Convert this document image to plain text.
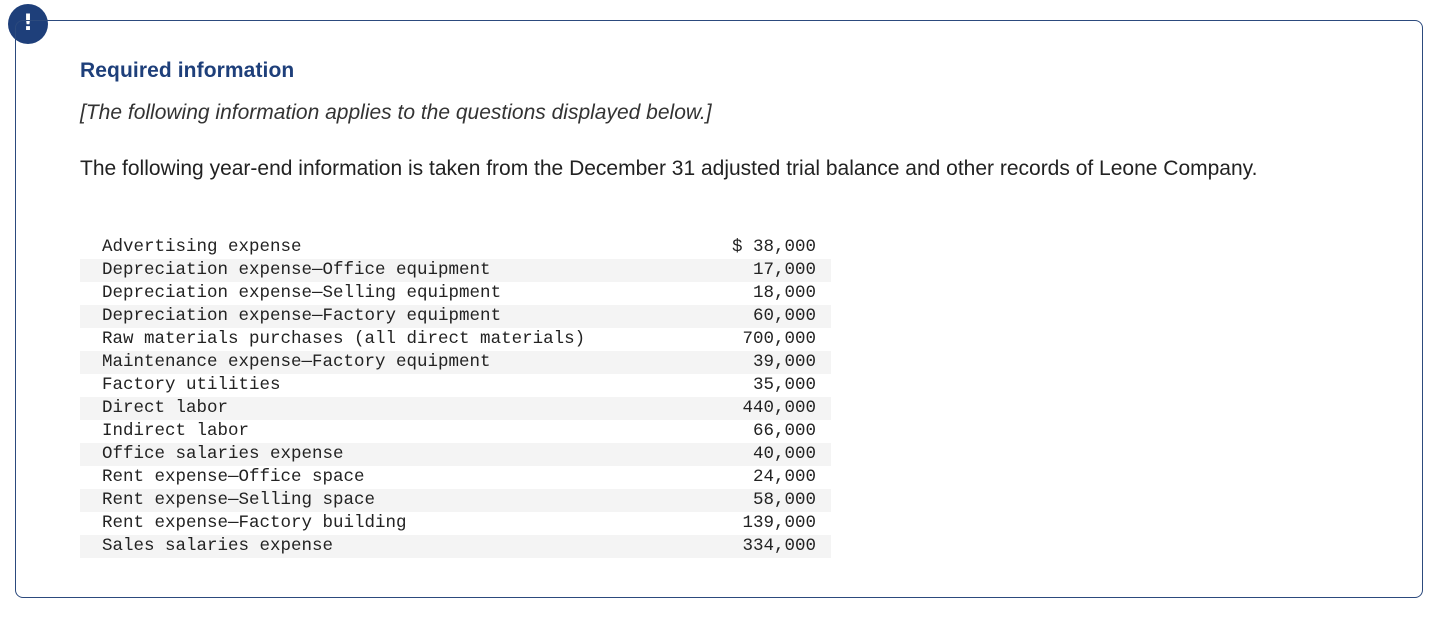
!
Required information

[The following information applies to the questions displayed below.]

The following year-end information is taken from the December 31 adjusted trial balance and other records of Leone Company.

Advertising expense	$ 38,000
Depreciation expense—Office equipment	17,000
Depreciation expense—Selling equipment	18,000
Depreciation expense—Factory equipment	60,000
Raw materials purchases (all direct materials)	700,000
Maintenance expense—Factory equipment	39,000
Factory utilities	35,000
Direct labor	440,000
Indirect labor	66,000
Office salaries expense	40,000
Rent expense—Office space	24,000
Rent expense—Selling space	58,000
Rent expense—Factory building	139,000
Sales salaries expense	334,000
